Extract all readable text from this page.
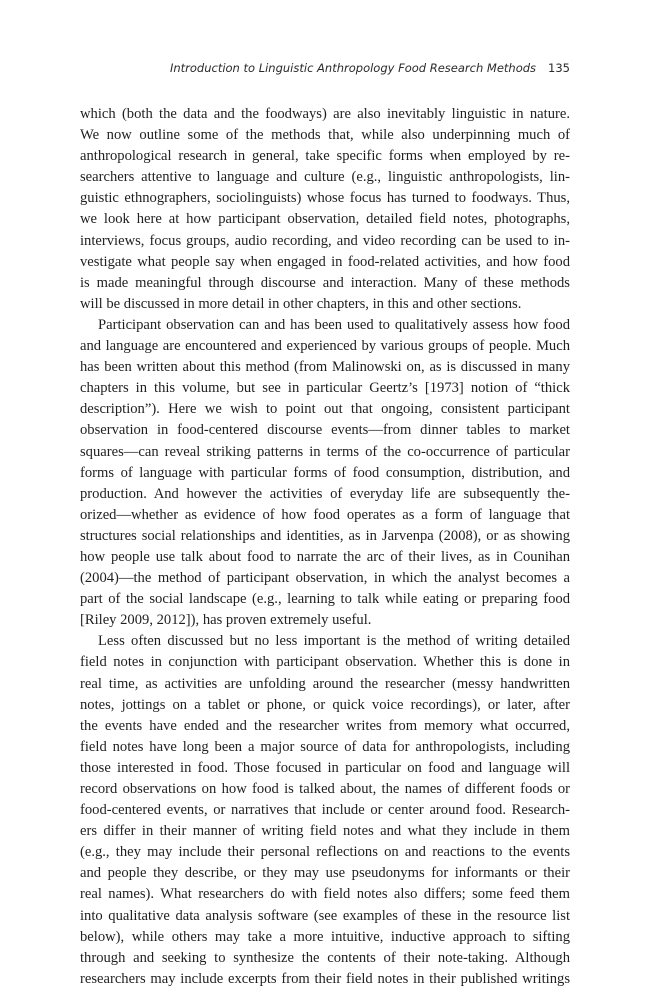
Introduction to Linguistic Anthropology Food Research Methods 135
which (both the data and the foodways) are also inevitably linguistic in nature.
We now outline some of the methods that, while also underpinning much of
anthropological research in general, take specific forms when employed by re-
searchers attentive to language and culture (e.g., linguistic anthropologists, lin-
guistic ethnographers, sociolinguists) whose focus has turned to foodways. Thus,
we look here at how participant observation, detailed field notes, photographs,
interviews, focus groups, audio recording, and video recording can be used to in-
vestigate what people say when engaged in food-related activities, and how food
is made meaningful through discourse and interaction. Many of these methods
will be discussed in more detail in other chapters, in this and other sections.
Participant observation can and has been used to qualitatively assess how food
and language are encountered and experienced by various groups of people. Much
has been written about this method (from Malinowski on, as is discussed in many
chapters in this volume, but see in particular Geertz’s [1973] notion of “thick
description”). Here we wish to point out that ongoing, consistent participant
observation in food-centered discourse events—from dinner tables to market
squares—can reveal striking patterns in terms of the co-occurrence of particular
forms of language with particular forms of food consumption, distribution, and
production. And however the activities of everyday life are subsequently the-
orized—whether as evidence of how food operates as a form of language that
structures social relationships and identities, as in Jarvenpa (2008), or as showing
how people use talk about food to narrate the arc of their lives, as in Counihan
(2004)—the method of participant observation, in which the analyst becomes a
part of the social landscape (e.g., learning to talk while eating or preparing food
[Riley 2009, 2012]), has proven extremely useful.
Less often discussed but no less important is the method of writing detailed
field notes in conjunction with participant observation. Whether this is done in
real time, as activities are unfolding around the researcher (messy handwritten
notes, jottings on a tablet or phone, or quick voice recordings), or later, after
the events have ended and the researcher writes from memory what occurred,
field notes have long been a major source of data for anthropologists, including
those interested in food. Those focused in particular on food and language will
record observations on how food is talked about, the names of different foods or
food-centered events, or narratives that include or center around food. Research-
ers differ in their manner of writing field notes and what they include in them
(e.g., they may include their personal reflections on and reactions to the events
and people they describe, or they may use pseudonyms for informants or their
real names). What researchers do with field notes also differs; some feed them
into qualitative data analysis software (see examples of these in the resource list
below), while others may take a more intuitive, inductive approach to sifting
through and seeking to synthesize the contents of their note-taking. Although
researchers may include excerpts from their field notes in their published writings
